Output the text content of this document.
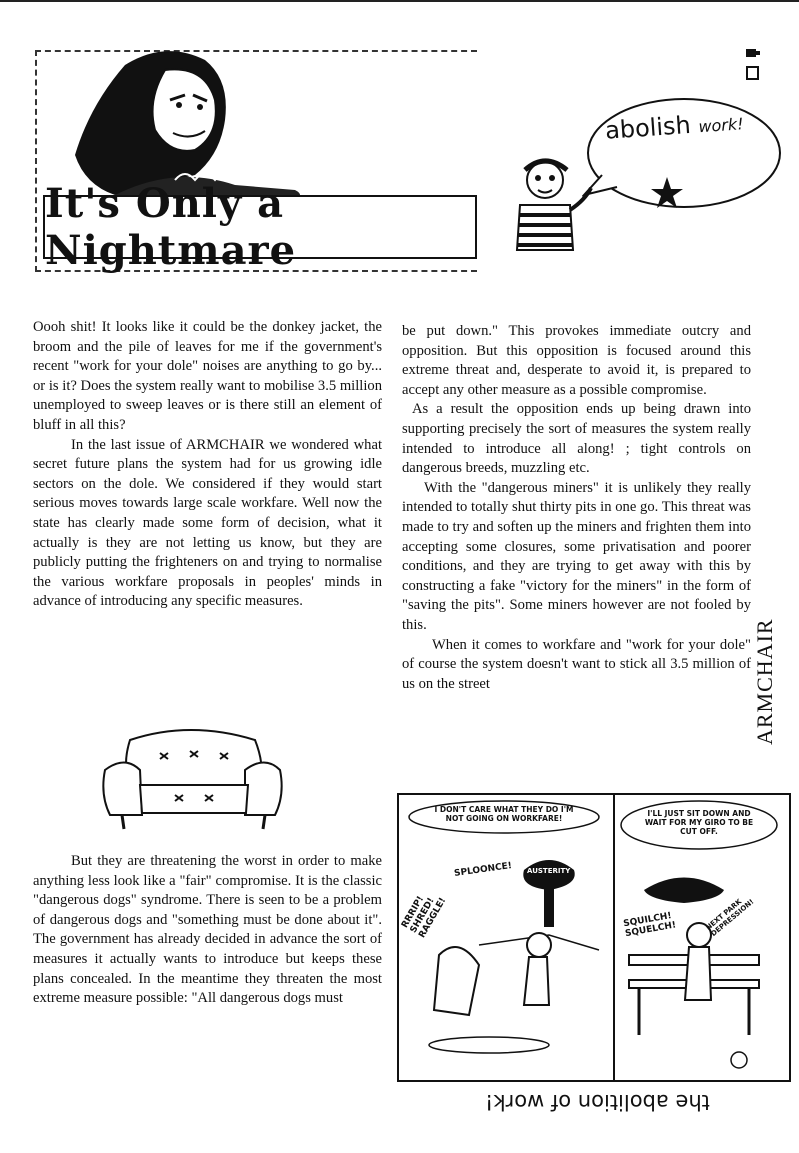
It's Only a Nightmare
abolish work!

Oooh shit! It looks like it could be the donkey jacket, the broom and the pile of leaves for me if the government's recent "work for your dole" noises are anything to go by... or is it? Does the system really want to mobilise 3.5 million unemployed to sweep leaves or is there still an element of bluff in all this?

In the last issue of ARMCHAIR we wondered what secret future plans the system had for us growing idle sectors on the dole. We considered if they would start serious moves towards large scale workfare. Well now the state has clearly made some form of decision, what it actually is they are not letting us know, but they are publicly putting the frighteners on and trying to normalise the various workfare proposals in peoples' minds in advance of introducing any specific measures.

But they are threatening the worst in order to make anything less look like a "fair" compromise. It is the classic "dangerous dogs" syndrome. There is seen to be a problem of dangerous dogs and "something must be done about it". The government has already decided in advance the sort of measures it actually wants to introduce but keeps these plans concealed. In the meantime they threaten the most extreme measure possible: "All dangerous dogs must

be put down." This provokes immediate outcry and opposition. But this opposition is focused around this extreme threat and, desperate to avoid it, is prepared to accept any other measure as a possible compromise.

As a result the opposition ends up being drawn into supporting precisely the sort of measures the system really intended to introduce all along! ; tight controls on dangerous breeds, muzzling etc.

With the "dangerous miners" it is unlikely they really intended to totally shut thirty pits in one go. This threat was made to try and soften up the miners and frighten them into accepting some closures, some privatisation and poorer conditions, and they are trying to get away with this by constructing a fake "victory for the miners" in the form of "saving the pits". Some miners however are not fooled by this.

When it comes to workfare and "work for your dole" of course the system doesn't want to stick all 3.5 million of us on the street	ARMCHAIR
I DON'T CARE WHAT THEY DO I'M NOT GOING ON WORKFARE!
I'LL JUST SIT DOWN AND WAIT FOR MY GIRO TO BE CUT OFF.
SPLOONCE! AUSTERITY
RRRIP! SHRED! RAGGLE!	SQUILCH! SQUELCH!	NEXT PARK DEPRESSION!
the abolition of work!
